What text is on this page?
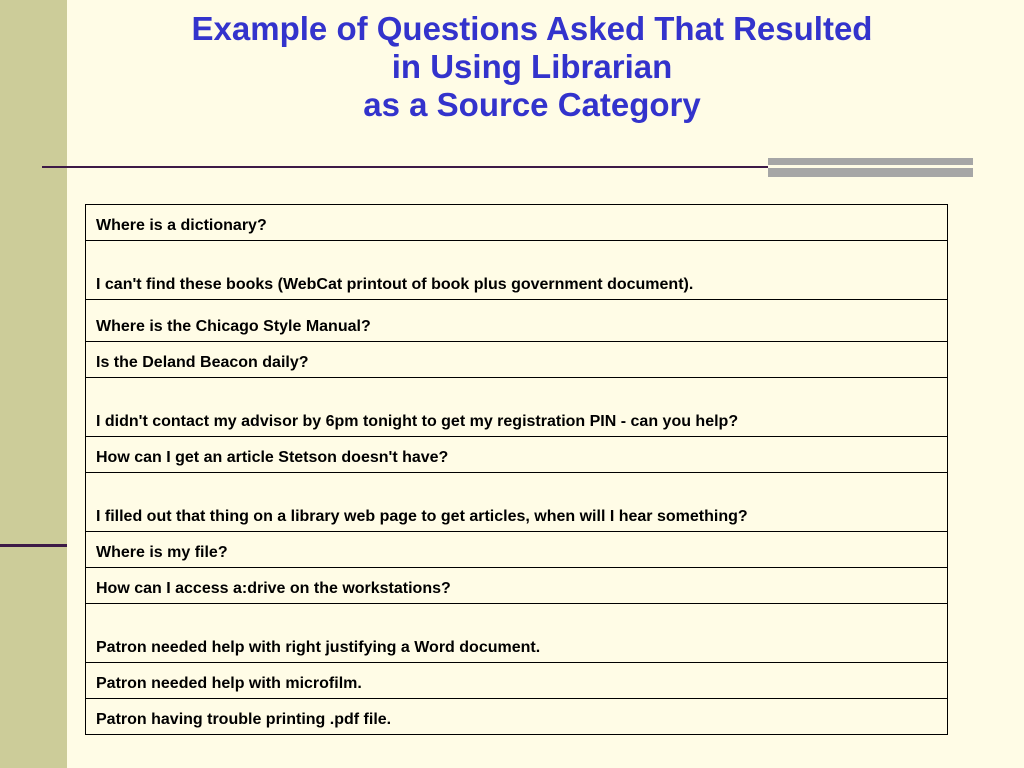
Example of Questions Asked That Resulted
in Using Librarian
as a Source Category
Where is a dictionary?
I can't find these books (WebCat printout of book plus government document).
Where is the Chicago Style Manual?
Is the Deland Beacon daily?
I didn't contact my advisor by 6pm tonight to get my registration PIN - can you help?
How can I get an article Stetson doesn't have?
I filled out that thing on a library web page to get articles, when will I hear something?
Where is my file?
How can I access a:drive on the workstations?
Patron needed help with right justifying a Word document.
Patron needed help with microfilm.
Patron having trouble printing .pdf file.
